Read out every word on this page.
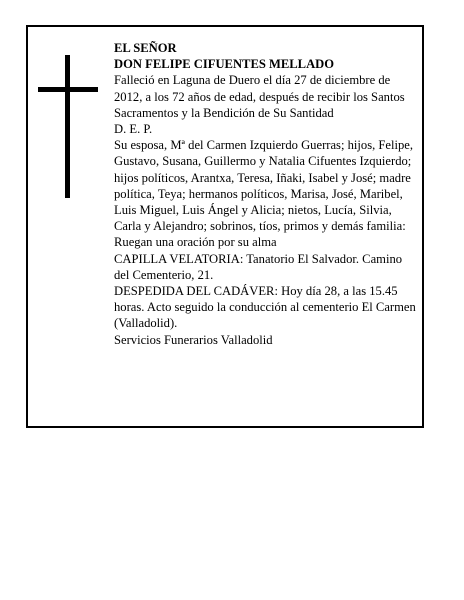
EL SEÑOR

DON FELIPE CIFUENTES MELLADO

Falleció en Laguna de Duero el día 27 de diciembre de 2012, a los 72 años de edad, después de recibir los Santos Sacramentos y la Bendición de Su Santidad

D. E. P.

Su esposa, Mª del Carmen Izquierdo Guerras; hijos, Felipe, Gustavo, Susana, Guillermo y Natalia Cifuentes Izquierdo; hijos políticos, Arantxa, Teresa, Iñaki, Isabel y José; madre política, Teya; hermanos políticos, Marisa, José, Maribel, Luis Miguel, Luis Ángel y Alicia; nietos, Lucía, Silvia, Carla y Alejandro; sobrinos, tíos, primos y demás familia:

Ruegan una oración por su alma

CAPILLA VELATORIA: Tanatorio El Salvador. Camino del Cementerio, 21.

DESPEDIDA DEL CADÁVER: Hoy día 28, a las 15.45 horas. Acto seguido la conducción al cementerio El Carmen (Valladolid).

Servicios Funerarios Valladolid
